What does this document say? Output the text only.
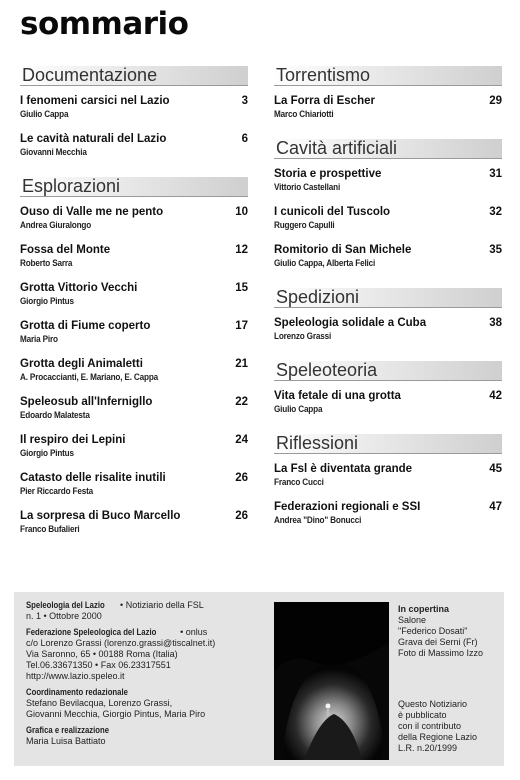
sommario
Documentazione
I fenomeni carsici nel Lazio	3
Giulio Cappa
Le cavità naturali del Lazio	6
Giovanni Mecchia
Esplorazioni
Ouso di Valle me ne pento	10
Andrea Giuralongo
Fossa del Monte	12
Roberto Sarra
Grotta Vittorio Vecchi	15
Giorgio Pintus
Grotta di Fiume coperto	17
Maria Piro
Grotta degli Animaletti	21
A. Procaccianti, E. Mariano, E. Cappa
Speleosub all'Infernigllo	22
Edoardo Malatesta
Il respiro dei Lepini	24
Giorgio Pintus
Catasto delle risalite inutili	26
Pier Riccardo Festa
La sorpresa di Buco Marcello	26
Franco Bufalieri
Torrentismo
La Forra di Escher	29
Marco Chiariotti
Cavità artificiali
Storia e prospettive	31
Vittorio Castellani
I cunicoli del Tuscolo	32
Ruggero Capulli
Romitorio di San Michele	35
Giulio Cappa, Alberta Felici
Spedizioni
Speleologia solidale a Cuba	38
Lorenzo Grassi
Speleoteoria
Vita fetale di una grotta	42
Giulio Cappa
Riflessioni
La Fsl è diventata grande	45
Franco Cucci
Federazioni regionali e SSI	47
Andrea "Dino" Bonucci
Speleologia del Lazio • Notiziario della FSL
n. 1 • Ottobre 2000
Federazione Speleologica del Lazio	• onlus
c/o Lorenzo Grassi (lorenzo.grassi@tiscalnet.it)
Via Saronno, 65 • 00188 Roma (Italia)
Tel.06.33671350 • Fax 06.23317551
http://www.lazio.speleo.it
Coordinamento redazionale
Stefano Bevilacqua, Lorenzo Grassi,
Giovanni Mecchia, Giorgio Pintus, Maria Piro
Grafica e realizzazione
Maria Luisa Battiato
In copertina
Salone
"Federico Dosati"
Grava dei Serni (Fr)
Foto di Massimo Izzo
Questo Notiziario
è pubblicato
con il contributo
della Regione Lazio
L.R. n.20/1999
